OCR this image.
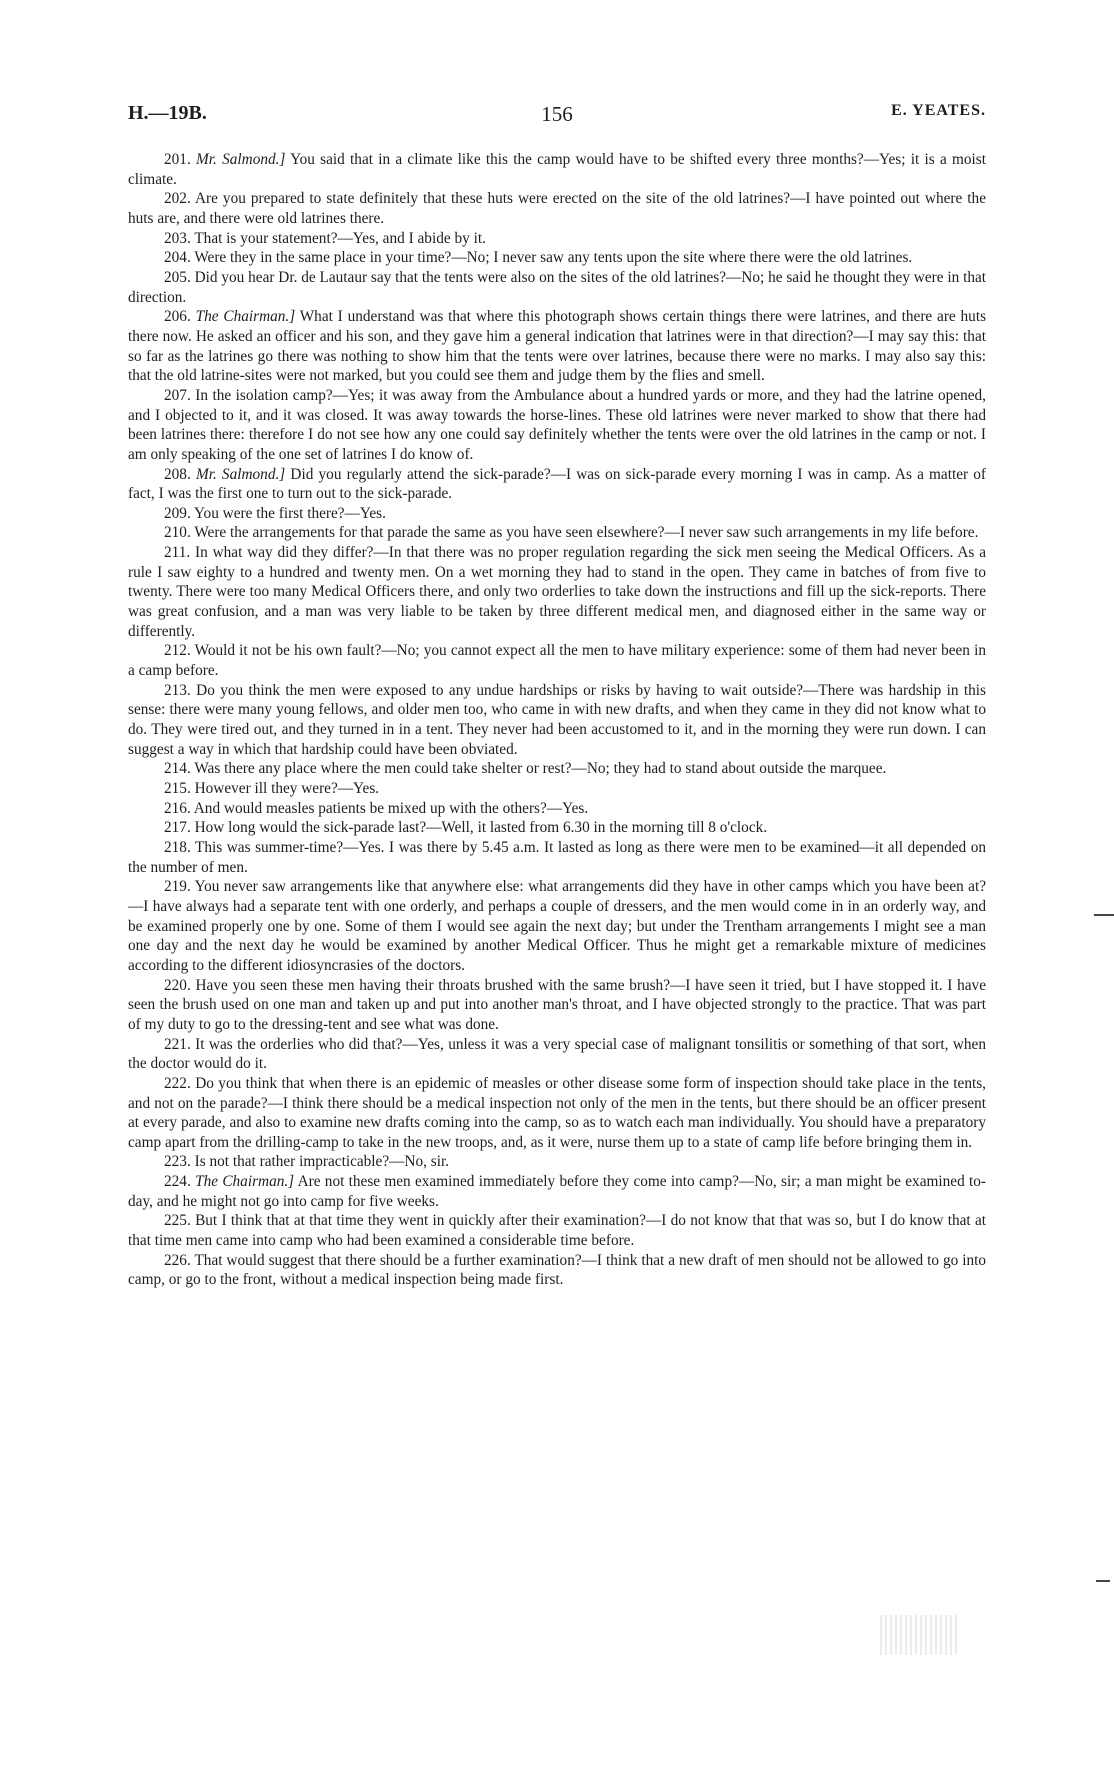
156
H.—19B.	E. YEATES.

201. Mr. Salmond.] You said that in a climate like this the camp would have to be shifted every three months?—Yes; it is a moist climate.

202. Are you prepared to state definitely that these huts were erected on the site of the old latrines?—I have pointed out where the huts are, and there were old latrines there.

203. That is your statement?—Yes, and I abide by it.

204. Were they in the same place in your time?—No; I never saw any tents upon the site where there were the old latrines.

205. Did you hear Dr. de Lautaur say that the tents were also on the sites of the old latrines?—No; he said he thought they were in that direction.

206. The Chairman.] What I understand was that where this photograph shows certain things there were latrines, and there are huts there now. He asked an officer and his son, and they gave him a general indication that latrines were in that direction?—I may say this: that so far as the latrines go there was nothing to show him that the tents were over latrines, because there were no marks. I may also say this: that the old latrine-sites were not marked, but you could see them and judge them by the flies and smell.

207. In the isolation camp?—Yes; it was away from the Ambulance about a hundred yards or more, and they had the latrine opened, and I objected to it, and it was closed. It was away towards the horse-lines. These old latrines were never marked to show that there had been latrines there: therefore I do not see how any one could say definitely whether the tents were over the old latrines in the camp or not. I am only speaking of the one set of latrines I do know of.

208. Mr. Salmond.] Did you regularly attend the sick-parade?—I was on sick-parade every morning I was in camp. As a matter of fact, I was the first one to turn out to the sick-parade.

209. You were the first there?—Yes.

210. Were the arrangements for that parade the same as you have seen elsewhere?—I never saw such arrangements in my life before.

211. In what way did they differ?—In that there was no proper regulation regarding the sick men seeing the Medical Officers. As a rule I saw eighty to a hundred and twenty men. On a wet morning they had to stand in the open. They came in batches of from five to twenty. There were too many Medical Officers there, and only two orderlies to take down the instructions and fill up the sick-reports. There was great confusion, and a man was very liable to be taken by three different medical men, and diagnosed either in the same way or differently.

212. Would it not be his own fault?—No; you cannot expect all the men to have military experience: some of them had never been in a camp before.

213. Do you think the men were exposed to any undue hardships or risks by having to wait outside?—There was hardship in this sense: there were many young fellows, and older men too, who came in with new drafts, and when they came in they did not know what to do. They were tired out, and they turned in in a tent. They never had been accustomed to it, and in the morning they were run down. I can suggest a way in which that hardship could have been obviated.

214. Was there any place where the men could take shelter or rest?—No; they had to stand about outside the marquee.

215. However ill they were?—Yes.

216. And would measles patients be mixed up with the others?—Yes.

217. How long would the sick-parade last?—Well, it lasted from 6.30 in the morning till 8 o'clock.

218. This was summer-time?—Yes. I was there by 5.45 a.m. It lasted as long as there were men to be examined—it all depended on the number of men.

219. You never saw arrangements like that anywhere else: what arrangements did they have in other camps which you have been at?—I have always had a separate tent with one orderly, and perhaps a couple of dressers, and the men would come in in an orderly way, and be examined properly one by one. Some of them I would see again the next day; but under the Trentham arrangements I might see a man one day and the next day he would be examined by another Medical Officer. Thus he might get a remarkable mixture of medicines according to the different idiosyncrasies of the doctors.

220. Have you seen these men having their throats brushed with the same brush?—I have seen it tried, but I have stopped it. I have seen the brush used on one man and taken up and put into another man's throat, and I have objected strongly to the practice. That was part of my duty to go to the dressing-tent and see what was done.

221. It was the orderlies who did that?—Yes, unless it was a very special case of malignant tonsilitis or something of that sort, when the doctor would do it.

222. Do you think that when there is an epidemic of measles or other disease some form of inspection should take place in the tents, and not on the parade?—I think there should be a medical inspection not only of the men in the tents, but there should be an officer present at every parade, and also to examine new drafts coming into the camp, so as to watch each man individually. You should have a preparatory camp apart from the drilling-camp to take in the new troops, and, as it were, nurse them up to a state of camp life before bringing them in.

223. Is not that rather impracticable?—No, sir.

224. The Chairman.] Are not these men examined immediately before they come into camp?—No, sir; a man might be examined to-day, and he might not go into camp for five weeks.

225. But I think that at that time they went in quickly after their examination?—I do not know that that was so, but I do know that at that time men came into camp who had been examined a considerable time before.

226. That would suggest that there should be a further examination?—I think that a new draft of men should not be allowed to go into camp, or go to the front, without a medical inspection being made first.
